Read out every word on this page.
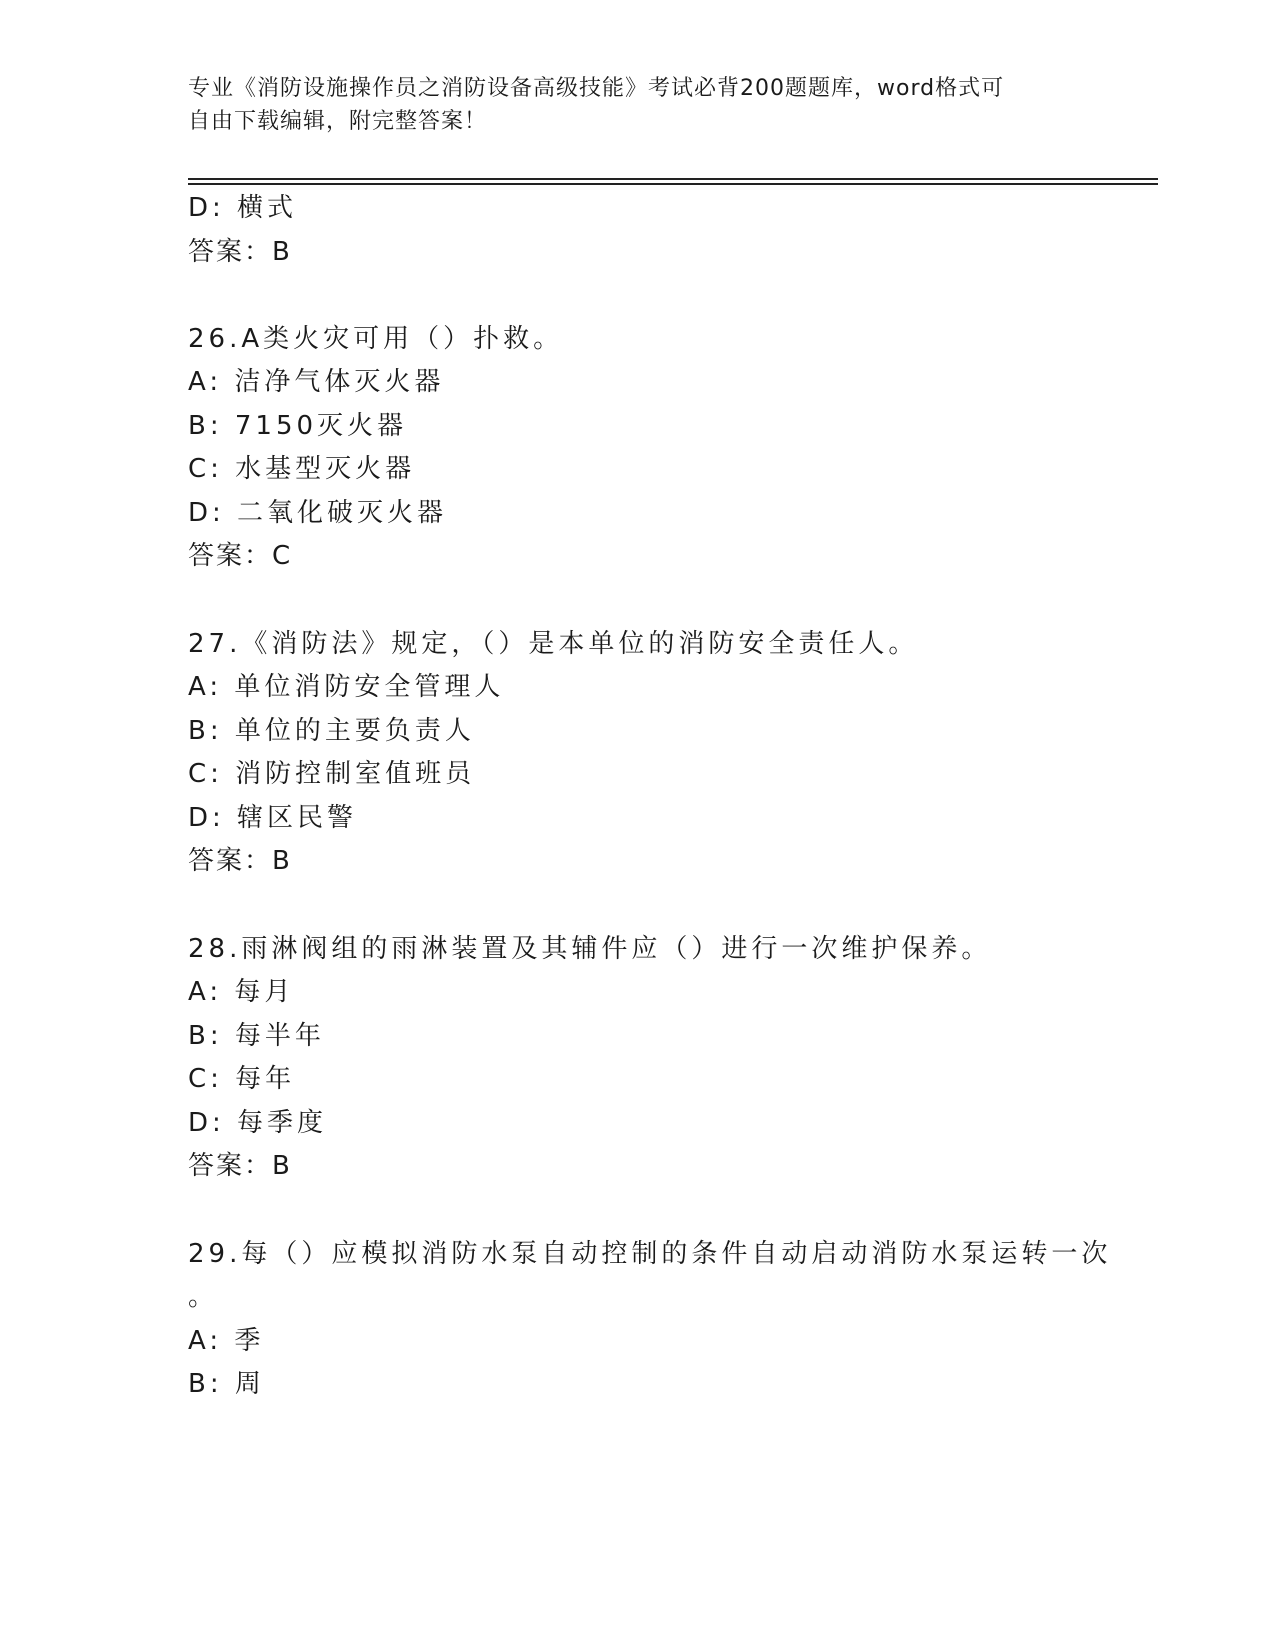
专业《消防设施操作员之消防设备高级技能》考试必背200题题库，word格式可
自由下载编辑，附完整答案！
D: 横式
答案：B
26.A类火灾可用（）扑救。
A: 洁净气体灭火器
B: 7150灭火器
C: 水基型灭火器
D: 二氧化破灭火器
答案：C
27.《消防法》规定，（）是本单位的消防安全责任人。
A: 单位消防安全管理人
B: 单位的主要负责人
C: 消防控制室值班员
D: 辖区民警
答案：B
28.雨淋阀组的雨淋装置及其辅件应（）进行一次维护保养。
A: 每月
B: 每半年
C: 每年
D: 每季度
答案：B
29.每（）应模拟消防水泵自动控制的条件自动启动消防水泵运转一次
。
A: 季
B: 周
